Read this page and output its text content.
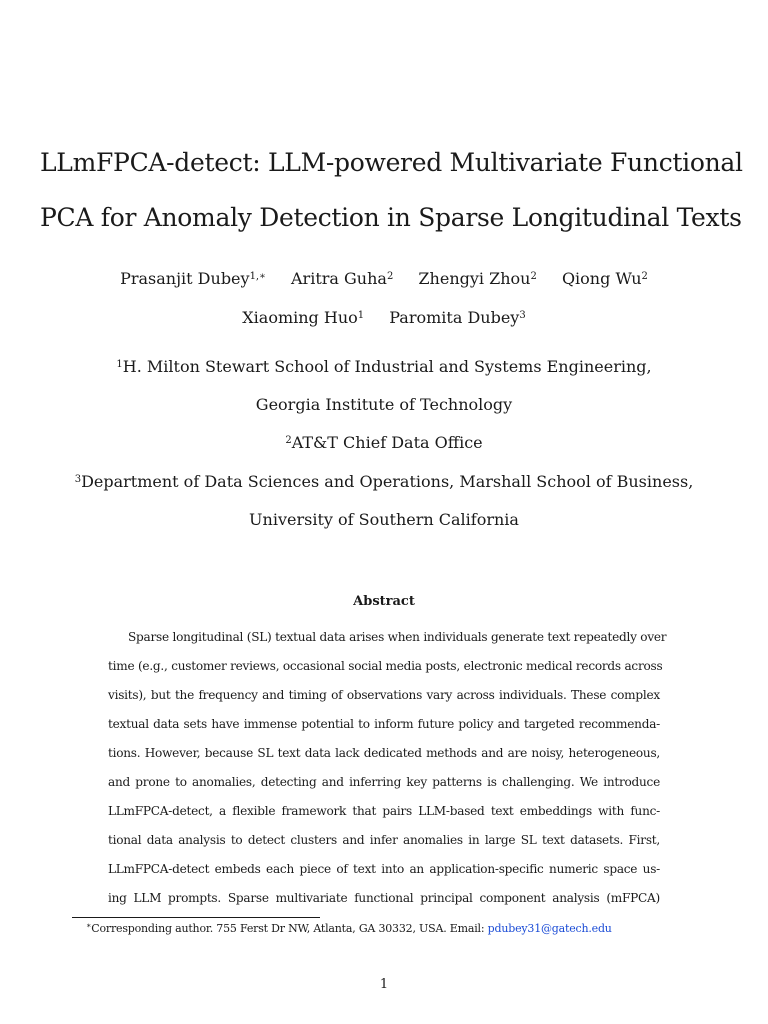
LLmFPCA-detect: LLM-powered Multivariate Functional
PCA for Anomaly Detection in Sparse Longitudinal Texts
Prasanjit Dubey$^{1,∗}$ Aritra Guha$^2$ Zhengyi Zhou$^2$ Qiong Wu$^2$
Xiaoming Huo$^1$ Paromita Dubey$^3$
$^1$H. Milton Stewart School of Industrial and Systems Engineering,
Georgia Institute of Technology
$^2$AT&T Chief Data Office
$^3$Department of Data Sciences and Operations, Marshall School of Business,
University of Southern California
Abstract
Sparse longitudinal (SL) textual data arises when individuals generate text repeatedly over
time (e.g., customer reviews, occasional social media posts, electronic medical records across
visits), but the frequency and timing of observations vary across individuals. These complex
textual data sets have immense potential to inform future policy and targeted recommenda-
tions. However, because SL text data lack dedicated methods and are noisy, heterogeneous,
and prone to anomalies, detecting and inferring key patterns is challenging. We introduce
LLmFPCA-detect, a flexible framework that pairs LLM-based text embeddings with func-
tional data analysis to detect clusters and infer anomalies in large SL text datasets. First,
LLmFPCA-detect embeds each piece of text into an application-specific numeric space us-
ing LLM prompts. Sparse multivariate functional principal component analysis (mFPCA)
∗Corresponding author. 755 Ferst Dr NW, Atlanta, GA 30332, USA. Email: pdubey31@gatech.edu
1
